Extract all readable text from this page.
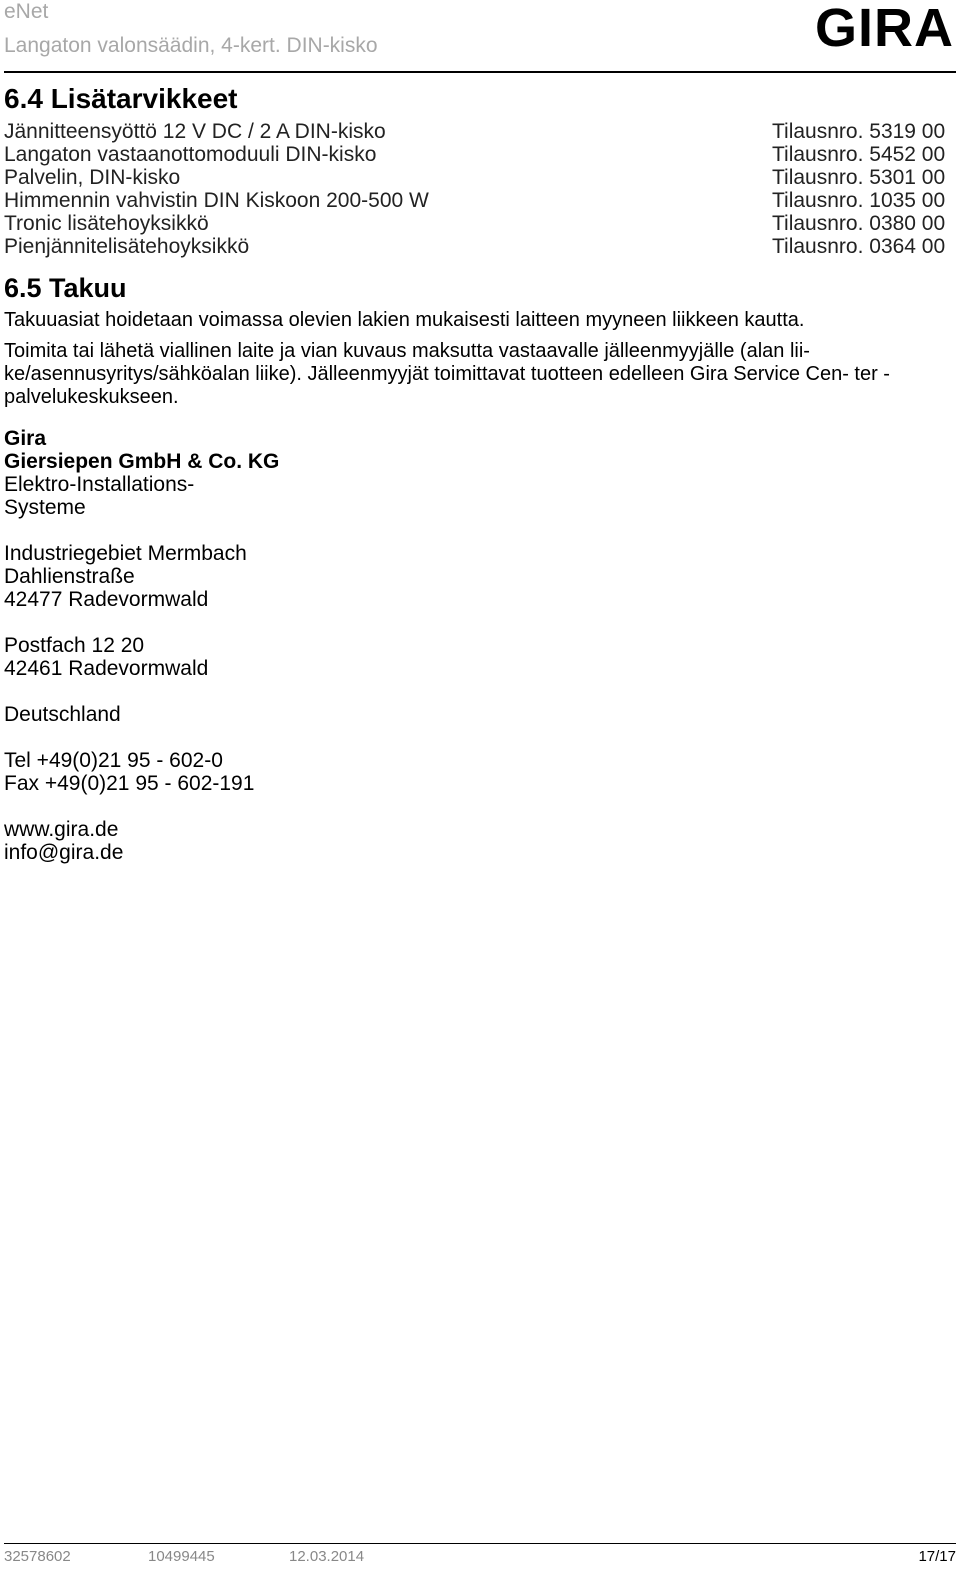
eNet
Langaton valonsäädin, 4-kert. DIN-kisko	GIRA
6.4 Lisätarvikkeet
Jännitteensyöttö 12 V DC / 2 A DIN-kisko	Tilausnro. 5319 00
Langaton vastaanottomoduuli DIN-kisko	Tilausnro. 5452 00
Palvelin, DIN-kisko	Tilausnro. 5301 00
Himmennin vahvistin DIN Kiskoon 200-500 W	Tilausnro. 1035 00
Tronic lisätehoyksikkö	Tilausnro. 0380 00
Pienjännitelisätehoyksikkö	Tilausnro. 0364 00
6.5 Takuu

Takuuasiat hoidetaan voimassa olevien lakien mukaisesti laitteen myyneen liikkeen kautta.

Toimita tai lähetä viallinen laite ja vian kuvaus maksutta vastaavalle jälleenmyyjälle (alan lii- ke/asennusyritys/sähköalan liike). Jälleenmyyjät toimittavat tuotteen edelleen Gira Service Cen- ter -palvelukeskukseen.

Gira
Giersiepen GmbH & Co. KG
Elektro-Installations-
Systeme
Industriegebiet Mermbach
Dahlienstraße
42477 Radevormwald
Postfach 12 20
42461 Radevormwald
Deutschland
Tel +49(0)21 95 - 602-0
Fax +49(0)21 95 - 602-191
www.gira.de
info@gira.de
32578602	10499445	12.03.2014	17/17
